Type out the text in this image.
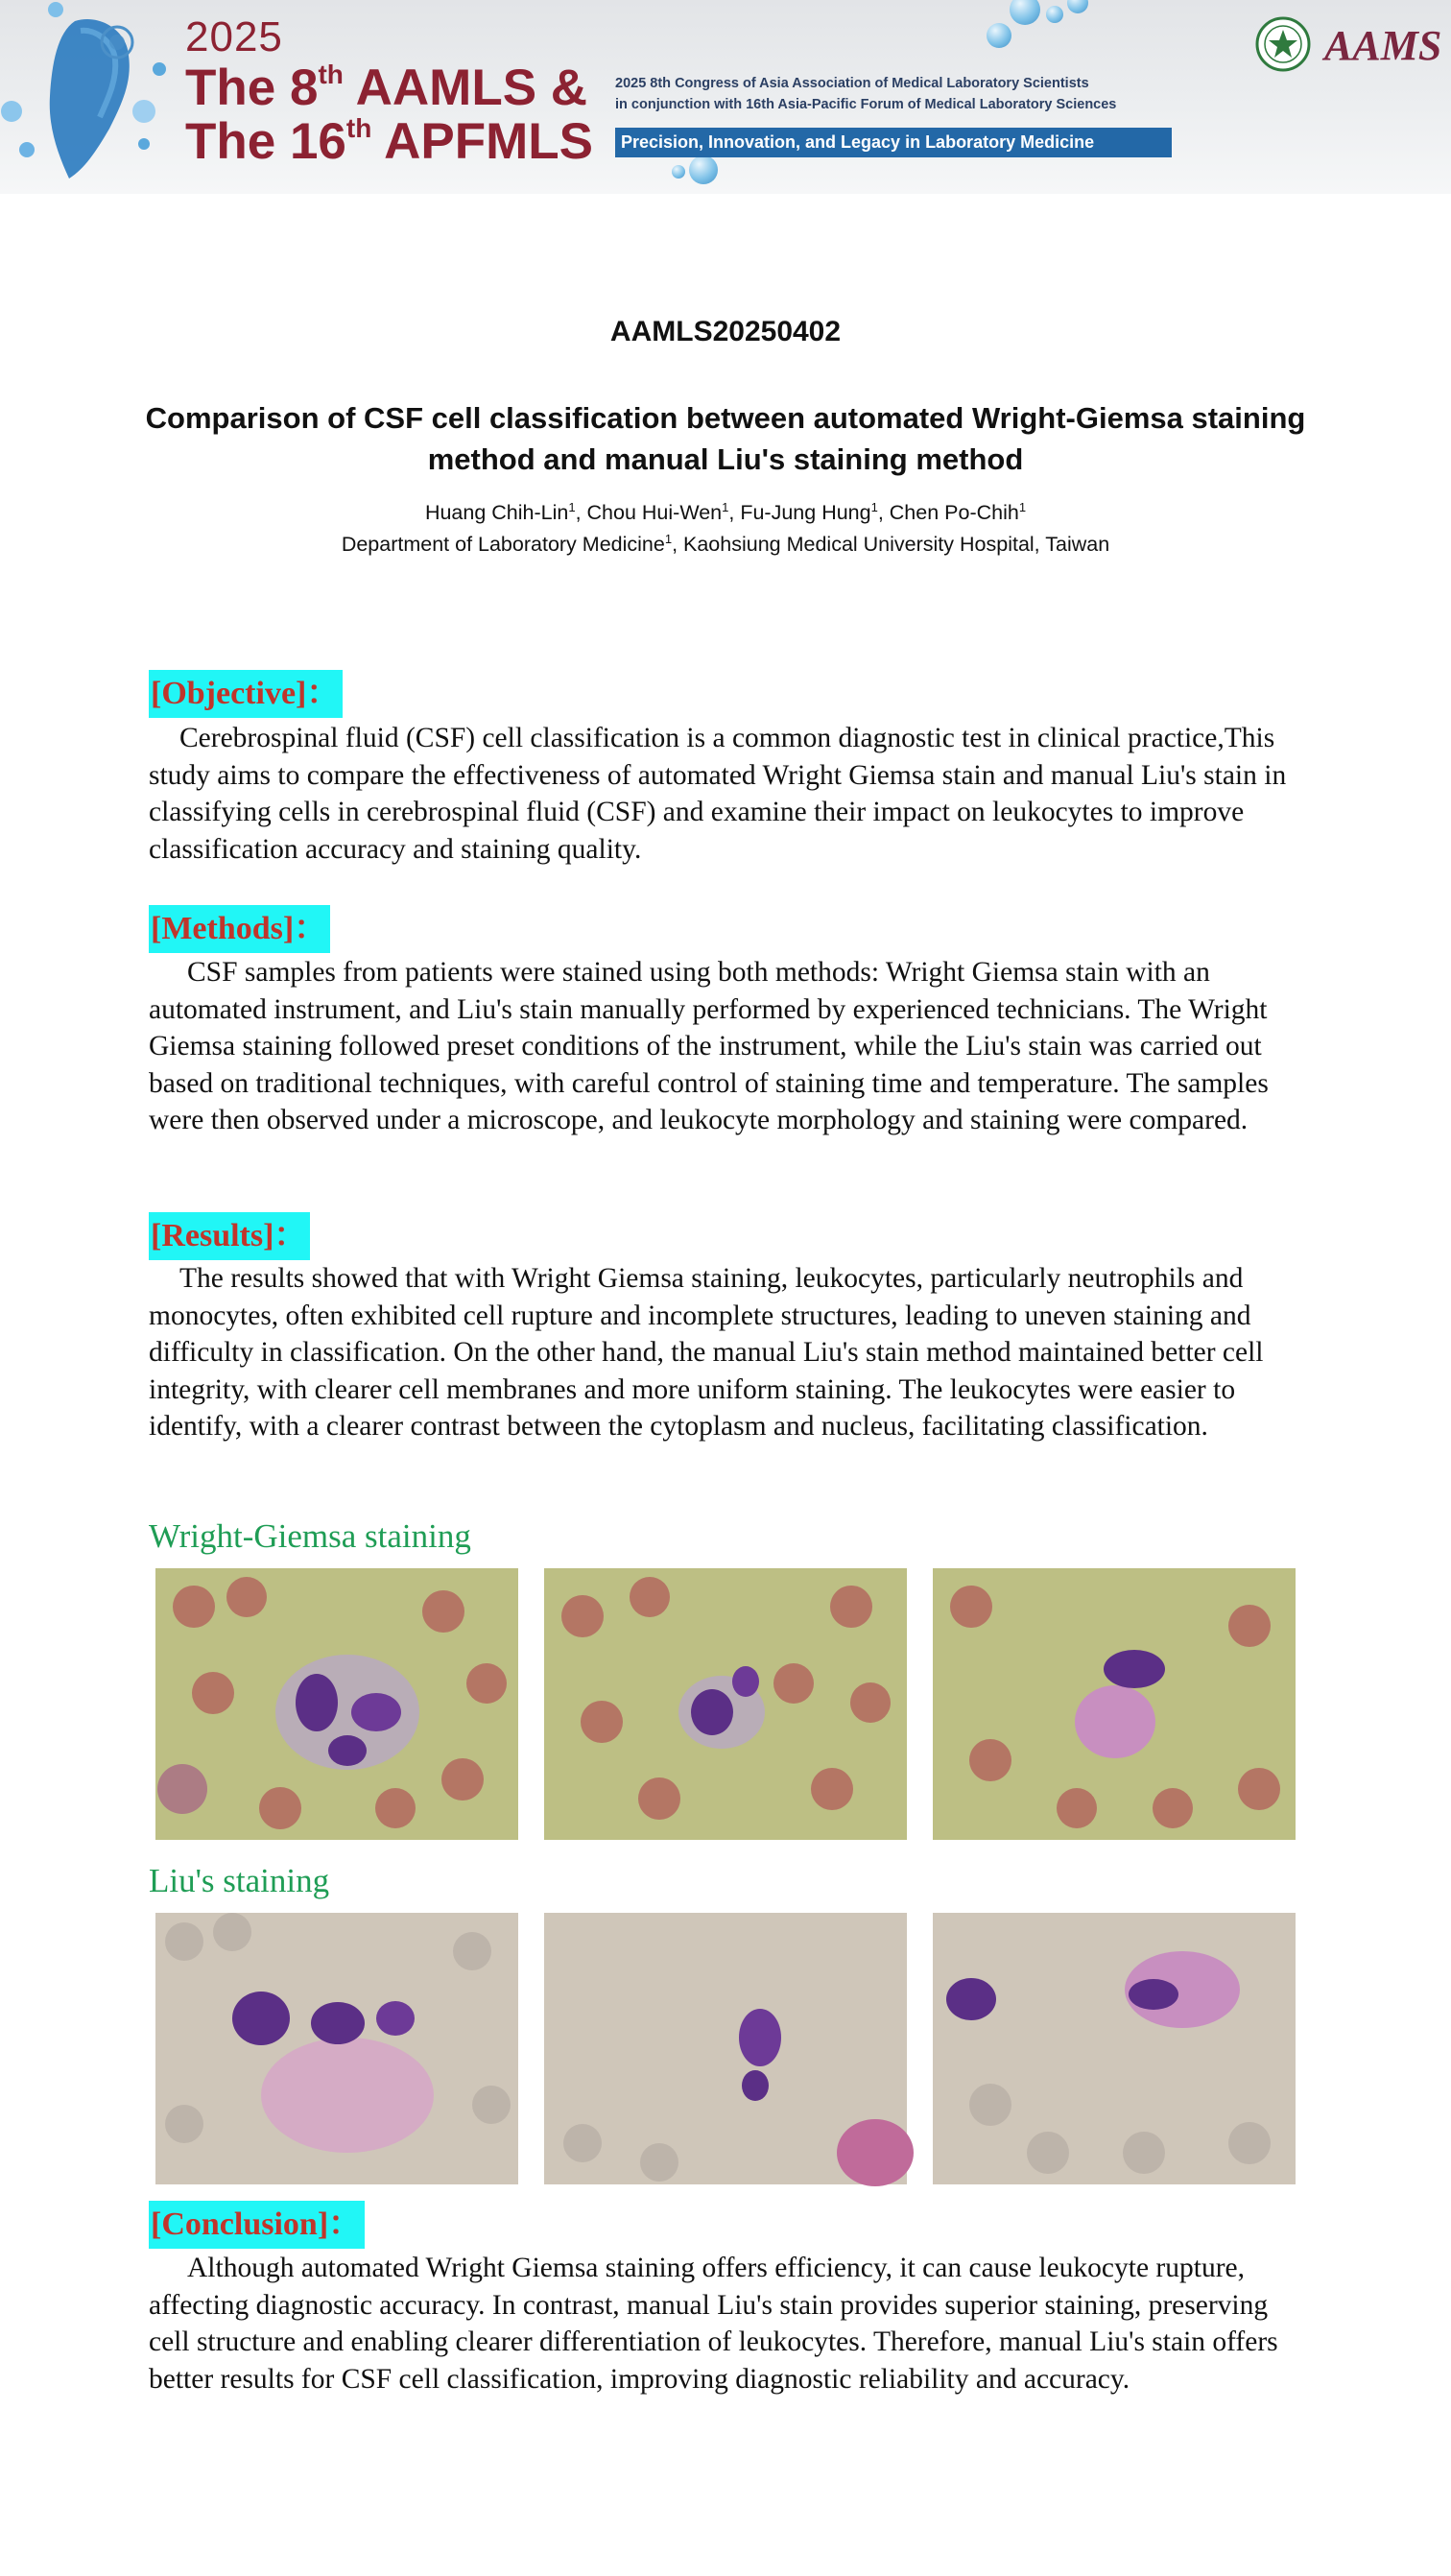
2025
The 8th AAMLS &
The 16th APFMLS
2025 8th Congress of Asia Association of Medical Laboratory Scientists
in conjunction with 16th Asia-Pacific Forum of Medical Laboratory Sciences
Precision, Innovation, and Legacy in Laboratory Medicine
AAMS
AAMLS20250402
Comparison of CSF cell classification between automated Wright-Giemsa staining method and manual Liu's staining method
Huang Chih-Lin$^1$, Chou Hui-Wen$^1$, Fu-Jung Hung$^1$, Chen Po-Chih$^1$
Department of Laboratory Medicine$^1$, Kaohsiung Medical University Hospital, Taiwan
[Objective]：

Cerebrospinal fluid (CSF) cell classification is a common diagnostic test in clinical practice,This study aims to compare the effectiveness of automated Wright Giemsa stain and manual Liu's stain in classifying cells in cerebrospinal fluid (CSF) and examine their impact on leukocytes to improve classification accuracy and staining quality.

[Methods]：

CSF samples from patients were stained using both methods: Wright Giemsa stain with an automated instrument, and Liu's stain manually performed by experienced technicians. The Wright Giemsa staining followed preset conditions of the instrument, while the Liu's stain was carried out based on traditional techniques, with careful control of staining time and temperature. The samples were then observed under a microscope, and leukocyte morphology and staining were compared.

[Results]：

The results showed that with Wright Giemsa staining, leukocytes, particularly neutrophils and monocytes, often exhibited cell rupture and incomplete structures, leading to uneven staining and difficulty in classification. On the other hand, the manual Liu's stain method maintained better cell integrity, with clearer cell membranes and more uniform staining. The leukocytes were easier to identify, with a clearer contrast between the cytoplasm and nucleus, facilitating classification.

Wright-Giemsa staining
Liu's staining
[Conclusion]：

Although automated Wright Giemsa staining offers efficiency, it can cause leukocyte rupture, affecting diagnostic accuracy. In contrast, manual Liu's stain provides superior staining, preserving cell structure and enabling clearer differentiation of leukocytes. Therefore, manual Liu's stain offers better results for CSF cell classification, improving diagnostic reliability and accuracy.
